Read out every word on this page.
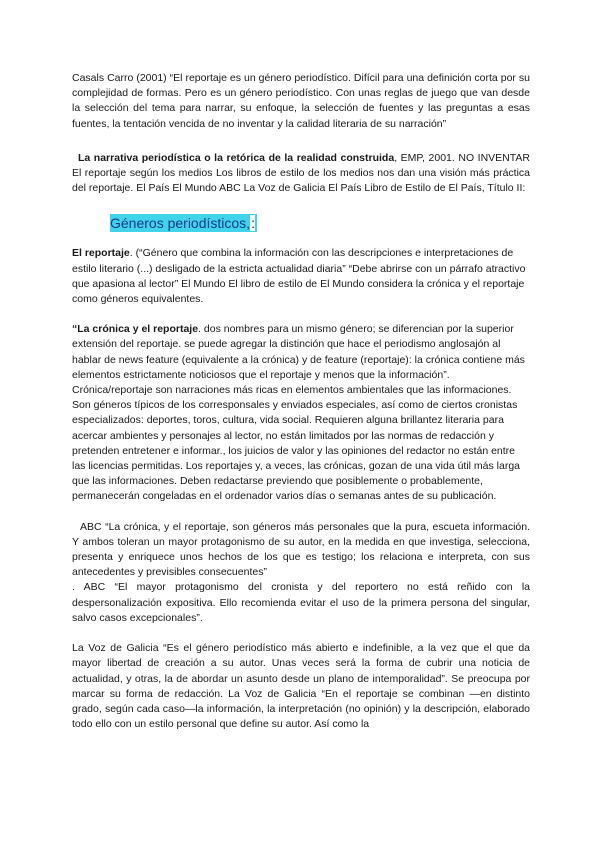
Casals Carro (2001) “El reportaje es un género periodístico. Difícil para una definición corta por su complejidad de formas. Pero es un género periodístico. Con unas reglas de juego que van desde la selección del tema para narrar, su enfoque, la selección de fuentes y las preguntas a esas fuentes, la tentación vencida de no inventar y la calidad literaria de su narración”

La narrativa periodística o la retórica de la realidad construida, EMP, 2001. NO INVENTAR El reportaje según los medios Los libros de estilo de los medios nos dan una visión más práctica del reportaje. El País El Mundo ABC La Voz de Galicia El País Libro de Estilo de El País, Título II:

Géneros periodísticos,:

El reportaje. (“Género que combina la información con las descripciones e interpretaciones de estilo literario (...) desligado de la estricta actualidad diaria” “Debe abrirse con un párrafo atractivo que apasiona al lector” El Mundo El libro de estilo de El Mundo considera la crónica y el reportaje como géneros equivalentes.

“La crónica y el reportaje. dos nombres para un mismo género; se diferencian por la superior extensión del reportaje. se puede agregar la distinción que hace el periodismo anglosajón al hablar de news feature (equivalente a la crónica) y de feature (reportaje): la crónica contiene más elementos estrictamente noticiosos que el reportaje y menos que la información”. Crónica/reportaje son narraciones más ricas en elementos ambientales que las informaciones. Son géneros típicos de los corresponsales y enviados especiales, así como de ciertos cronistas especializados: deportes, toros, cultura, vida social. Requieren alguna brillantez literaria para acercar ambientes y personajes al lector, no están limitados por las normas de redacción y pretenden entretener e informar., los juicios de valor y las opiniones del redactor no están entre las licencias permitidas. Los reportajes y, a veces, las crónicas, gozan de una vida útil más larga que las informaciones. Deben redactarse previendo que posiblemente o probablemente, permanecerán congeladas en el ordenador varios días o semanas antes de su publicación.

ABC “La crónica, y el reportaje, son géneros más personales que la pura, escueta información. Y ambos toleran un mayor protagonismo de su autor, en la medida en que investiga, selecciona, presenta y enriquece unos hechos de los que es testigo; los relaciona e interpreta, con sus antecedentes y previsibles consecuentes”

. ABC “El mayor protagonismo del cronista y del reportero no está reñido con la despersonalización expositiva. Ello recomienda evitar el uso de la primera persona del singular, salvo casos excepcionales”.

La Voz de Galicia “Es el género periodístico más abierto e indefinible, a la vez que el que da mayor libertad de creación a su autor. Unas veces será la forma de cubrir una noticia de actualidad, y otras, la de abordar un asunto desde un plano de intemporalidad”. Se preocupa por marcar su forma de redacción. La Voz de Galicia “En el reportaje se combinan —en distinto grado, según cada caso—la información, la interpretación (no opinión) y la descripción, elaborado todo ello con un estilo personal que define su autor. Así como la
